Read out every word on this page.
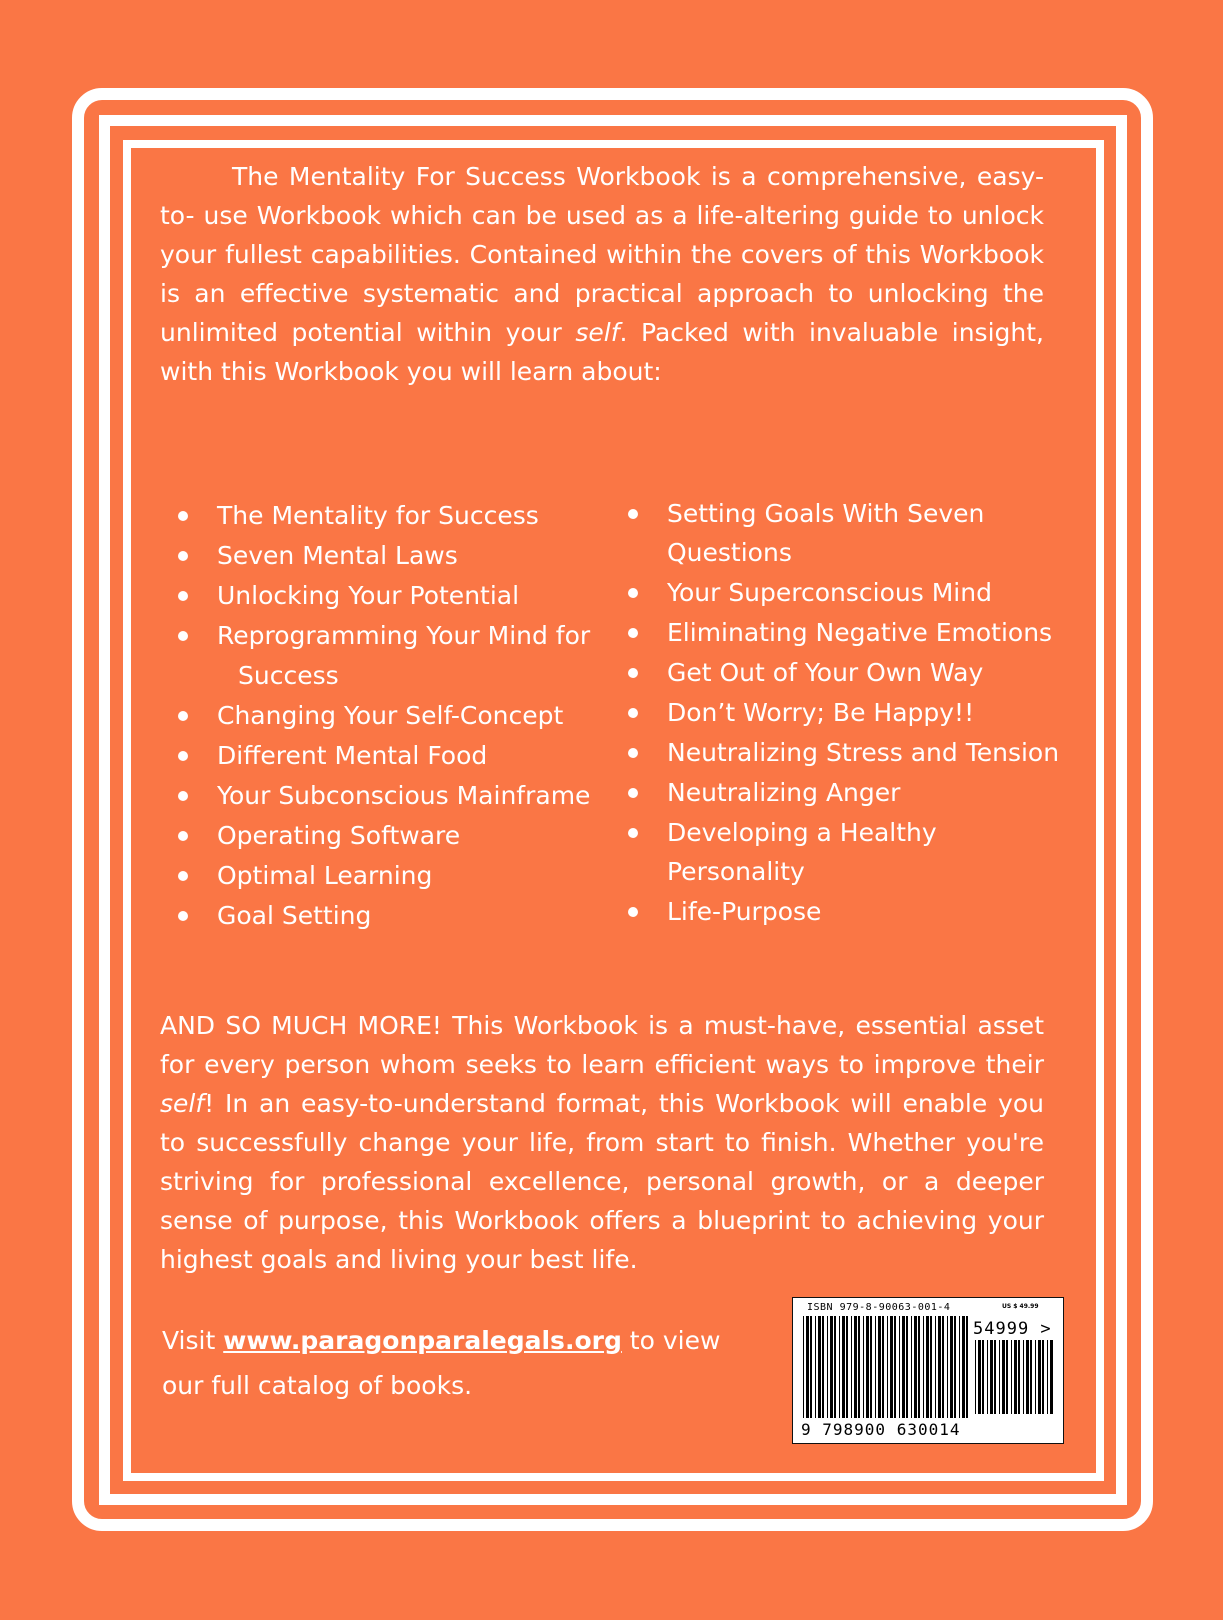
The Mentality For Success Workbook is a comprehensive, easy-to- use Workbook which can be used as a life-altering guide to unlock your fullest capabilities. Contained within the covers of this Workbook is an effective systematic and practical approach to unlocking the unlimited potential within your self. Packed with invaluable insight, with this Workbook you will learn about:

The Mentality for Success
Seven Mental Laws
Unlocking Your Potential
Reprogramming Your Mind for
Success
Changing Your Self-Concept
Different Mental Food
Your Subconscious Mainframe
Operating Software
Optimal Learning
Goal Setting
Setting Goals With Seven Questions
Your Superconscious Mind
Eliminating Negative Emotions
Get Out of Your Own Way
Don’t Worry; Be Happy!!
Neutralizing Stress and Tension
Neutralizing Anger
Developing a Healthy Personality
Life-Purpose

AND SO MUCH MORE! This Workbook is a must-have, essential asset for every person whom seeks to learn efficient ways to improve their self! In an easy-to-understand format, this Workbook will enable you to successfully change your life, from start to finish. Whether you're striving for professional excellence, personal growth, or a deeper sense of purpose, this Workbook offers a blueprint to achieving your highest goals and living your best life.

Visit www.paragonparalegals.org to view our full catalog of books.

ISBN 979-8-90063-001-4	US $ 49.99
54999 >
9 798900 630014
